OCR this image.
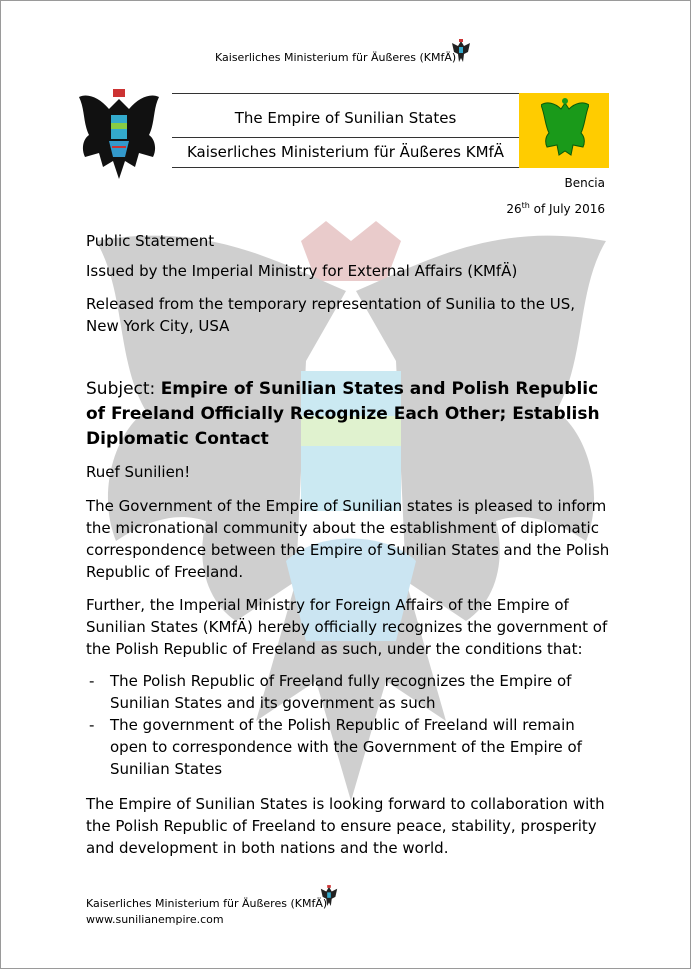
Kaiserliches Ministerium für Äußeres (KMfÄ)
The Empire of Sunilian States
Kaiserliches Ministerium für Äußeres KMfÄ
Bencia
26th of July 2016
Public Statement
Issued by the Imperial Ministry for External Affairs (KMfÄ)
Released from the temporary representation of Sunilia to the US, New York City, USA
Subject: Empire of Sunilian States and Polish Republic of Freeland Officially Recognize Each Other; Establish Diplomatic Contact
Ruef Sunilien!
The Government of the Empire of Sunilian states is pleased to inform the micronational community about the establishment of diplomatic correspondence between the Empire of Sunilian States and the Polish Republic of Freeland.
Further, the Imperial Ministry for Foreign Affairs of the Empire of Sunilian States (KMfÄ) hereby officially recognizes the government of the Polish Republic of Freeland as such, under the conditions that:
- The Polish Republic of Freeland fully recognizes the Empire of Sunilian States and its government as such
- The government of the Polish Republic of Freeland will remain open to correspondence with the Government of the Empire of Sunilian States
The Empire of Sunilian States is looking forward to collaboration with the Polish Republic of Freeland to ensure peace, stability, prosperity and development in both nations and the world.
Kaiserliches Ministerium für Äußeres (KMfÄ)
www.sunilianempire.com
